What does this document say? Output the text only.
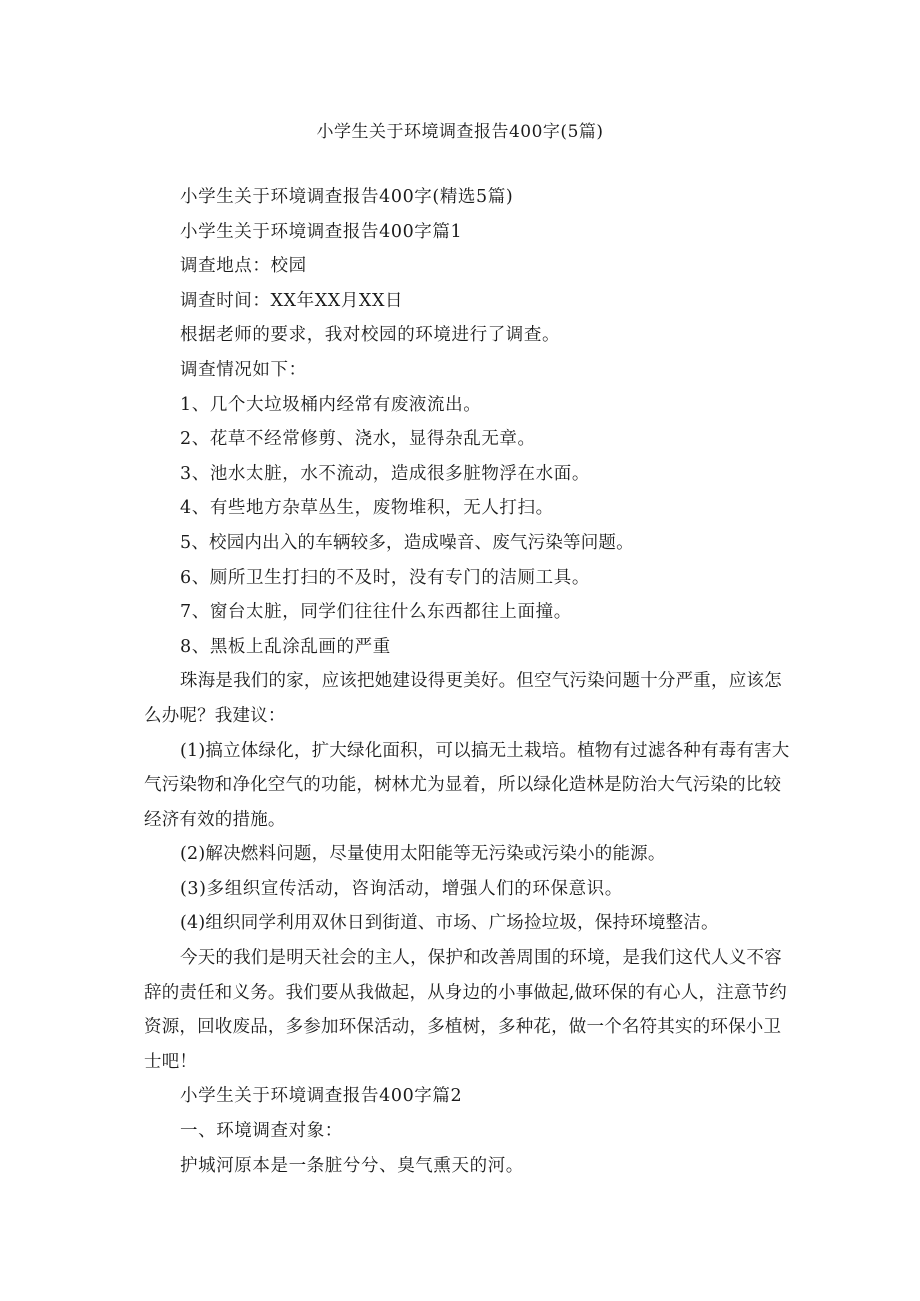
小学生关于环境调查报告400字(5篇)

小学生关于环境调查报告400字(精选5篇)

小学生关于环境调查报告400字篇1

调查地点：校园

调查时间：XX年XX月XX日

根据老师的要求，我对校园的环境进行了调查。

调查情况如下：

1、几个大垃圾桶内经常有废液流出。

2、花草不经常修剪、浇水，显得杂乱无章。

3、池水太脏，水不流动，造成很多脏物浮在水面。

4、有些地方杂草丛生，废物堆积，无人打扫。

5、校园内出入的车辆较多，造成噪音、废气污染等问题。

6、厕所卫生打扫的不及时，没有专门的洁厕工具。

7、窗台太脏，同学们往往什么东西都往上面撞。

8、黑板上乱涂乱画的严重

珠海是我们的家，应该把她建设得更美好。但空气污染问题十分严重，应该怎么办呢？我建议：

(1)搞立体绿化，扩大绿化面积，可以搞无土栽培。植物有过滤各种有毒有害大气污染物和净化空气的功能，树林尤为显着，所以绿化造林是防治大气污染的比较经济有效的措施。

(2)解决燃料问题，尽量使用太阳能等无污染或污染小的能源。

(3)多组织宣传活动，咨询活动，增强人们的环保意识。

(4)组织同学利用双休日到街道、市场、广场捡垃圾，保持环境整洁。

今天的我们是明天社会的主人，保护和改善周围的环境，是我们这代人义不容辞的责任和义务。我们要从我做起，从身边的小事做起,做环保的有心人，注意节约资源，回收废品，多参加环保活动，多植树，多种花，做一个名符其实的环保小卫士吧！

小学生关于环境调查报告400字篇2

一、环境调查对象：

护城河原本是一条脏兮兮、臭气熏天的河。
